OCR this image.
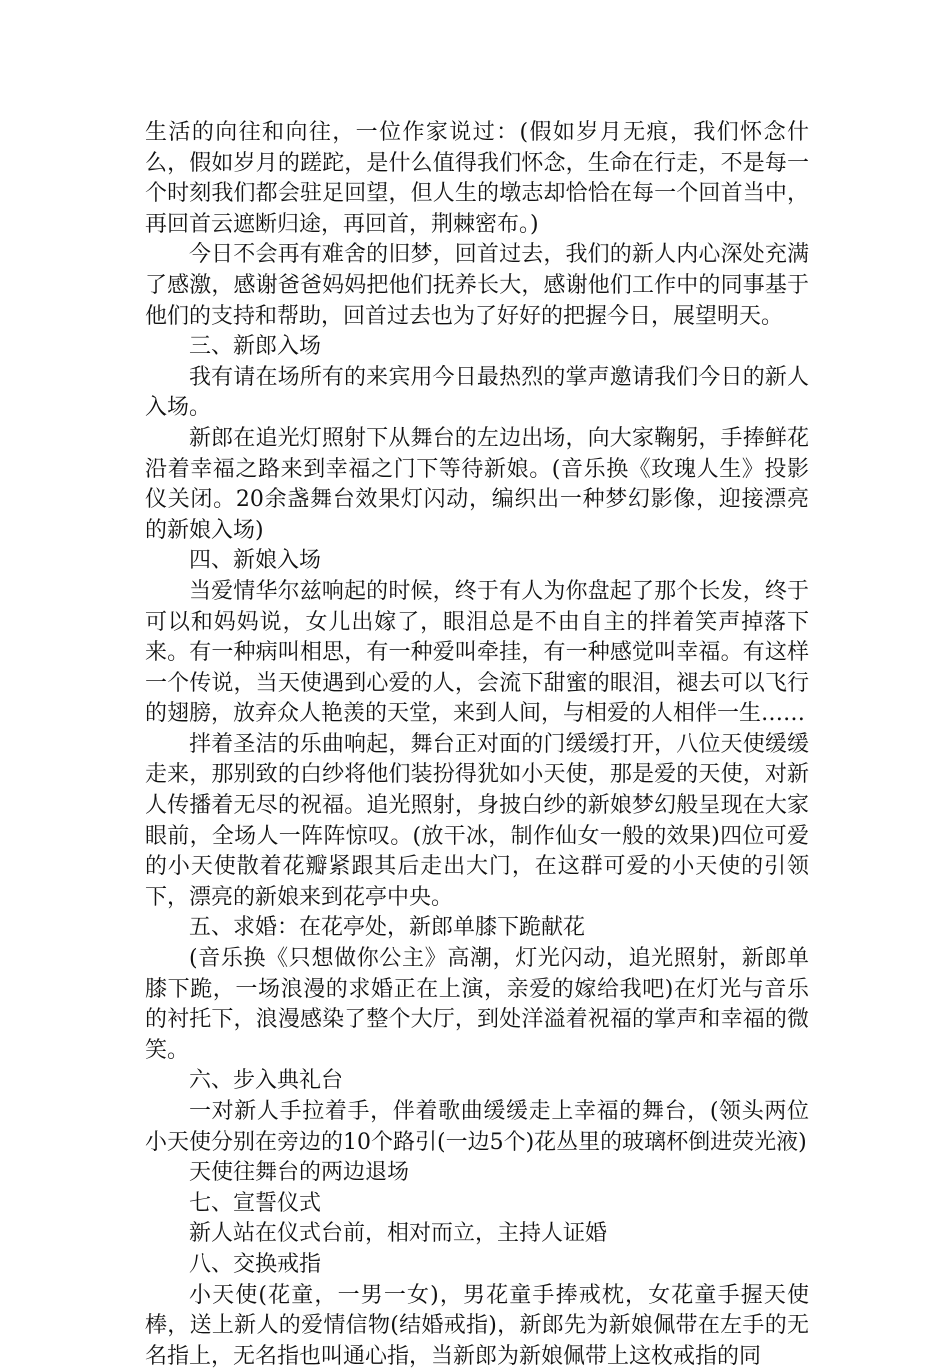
生活的向往和向往，一位作家说过：(假如岁月无痕，我们怀念什么，假如岁月的蹉跎，是什么值得我们怀念，生命在行走，不是每一个时刻我们都会驻足回望，但人生的墩志却恰恰在每一个回首当中，再回首云遮断归途，再回首，荆棘密布。)

今日不会再有难舍的旧梦，回首过去，我们的新人内心深处充满了感激，感谢爸爸妈妈把他们抚养长大，感谢他们工作中的同事基于他们的支持和帮助，回首过去也为了好好的把握今日，展望明天。

三、新郎入场

我有请在场所有的来宾用今日最热烈的掌声邀请我们今日的新人入场。

新郎在追光灯照射下从舞台的左边出场，向大家鞠躬，手捧鲜花沿着幸福之路来到幸福之门下等待新娘。(音乐换《玫瑰人生》投影仪关闭。20余盏舞台效果灯闪动，编织出一种梦幻影像，迎接漂亮的新娘入场)

四、新娘入场

当爱情华尔兹响起的时候，终于有人为你盘起了那个长发，终于可以和妈妈说，女儿出嫁了，眼泪总是不由自主的拌着笑声掉落下来。有一种病叫相思，有一种爱叫牵挂，有一种感觉叫幸福。有这样一个传说，当天使遇到心爱的人，会流下甜蜜的眼泪，褪去可以飞行的翅膀，放弃众人艳羡的天堂，来到人间，与相爱的人相伴一生……

拌着圣洁的乐曲响起，舞台正对面的门缓缓打开，八位天使缓缓走来，那别致的白纱将他们装扮得犹如小天使，那是爱的天使，对新人传播着无尽的祝福。追光照射，身披白纱的新娘梦幻般呈现在大家眼前，全场人一阵阵惊叹。(放干冰，制作仙女一般的效果)四位可爱的小天使散着花瓣紧跟其后走出大门，在这群可爱的小天使的引领下，漂亮的新娘来到花亭中央。

五、求婚：在花亭处，新郎单膝下跪献花

(音乐换《只想做你公主》高潮，灯光闪动，追光照射，新郎单膝下跪，一场浪漫的求婚正在上演，亲爱的嫁给我吧)在灯光与音乐的衬托下，浪漫感染了整个大厅，到处洋溢着祝福的掌声和幸福的微笑。

六、步入典礼台

一对新人手拉着手，伴着歌曲缓缓走上幸福的舞台，(领头两位小天使分别在旁边的10个路引(一边5个)花丛里的玻璃杯倒进荧光液)

天使往舞台的两边退场

七、宣誓仪式

新人站在仪式台前，相对而立，主持人证婚

八、交换戒指

小天使(花童，一男一女)，男花童手捧戒枕，女花童手握天使棒，送上新人的爱情信物(结婚戒指)，新郎先为新娘佩带在左手的无名指上，无名指也叫通心指，当新郎为新娘佩带上这枚戒指的同
